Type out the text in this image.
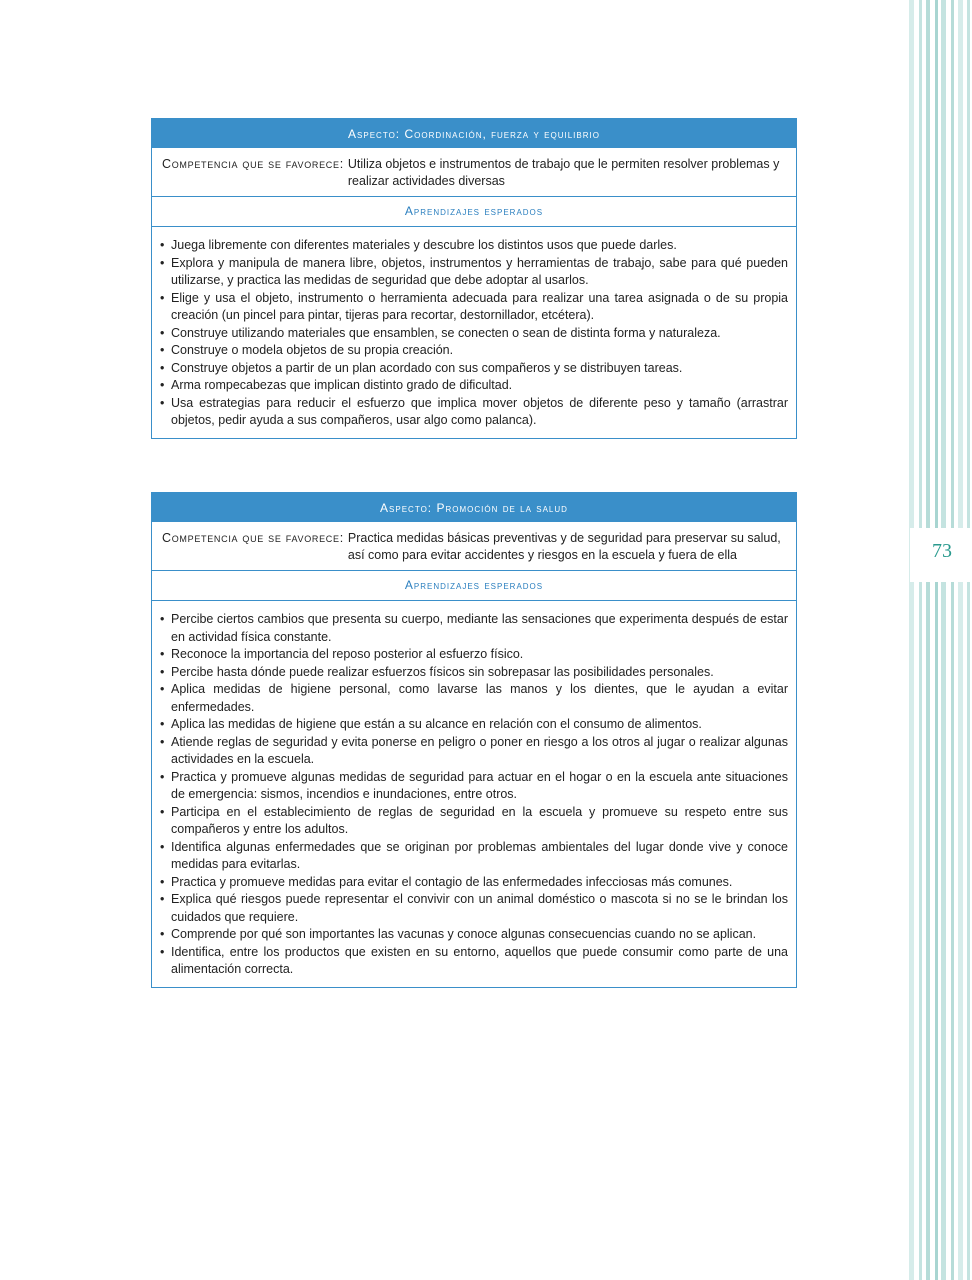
73
Aspecto: Coordinación, fuerza y equilibrio
Competencia que se favorece: Utiliza objetos e instrumentos de trabajo que le permiten resolver problemas y realizar actividades diversas
Aprendizajes esperados
• Juega libremente con diferentes materiales y descubre los distintos usos que puede darles.
• Explora y manipula de manera libre, objetos, instrumentos y herramientas de trabajo, sabe para qué pueden utilizarse, y practica las medidas de seguridad que debe adoptar al usarlos.
• Elige y usa el objeto, instrumento o herramienta adecuada para realizar una tarea asignada o de su propia creación (un pincel para pintar, tijeras para recortar, destornillador, etcétera).
• Construye utilizando materiales que ensamblen, se conecten o sean de distinta forma y naturaleza.
• Construye o modela objetos de su propia creación.
• Construye objetos a partir de un plan acordado con sus compañeros y se distribuyen tareas.
• Arma rompecabezas que implican distinto grado de dificultad.
• Usa estrategias para reducir el esfuerzo que implica mover objetos de diferente peso y tamaño (arrastrar objetos, pedir ayuda a sus compañeros, usar algo como palanca).
Aspecto: Promoción de la salud
Competencia que se favorece: Practica medidas básicas preventivas y de seguridad para preservar su salud, así como para evitar accidentes y riesgos en la escuela y fuera de ella
Aprendizajes esperados
• Percibe ciertos cambios que presenta su cuerpo, mediante las sensaciones que experimenta después de estar en actividad física constante.
• Reconoce la importancia del reposo posterior al esfuerzo físico.
• Percibe hasta dónde puede realizar esfuerzos físicos sin sobrepasar las posibilidades personales.
• Aplica medidas de higiene personal, como lavarse las manos y los dientes, que le ayudan a evitar enfermedades.
• Aplica las medidas de higiene que están a su alcance en relación con el consumo de alimentos.
• Atiende reglas de seguridad y evita ponerse en peligro o poner en riesgo a los otros al jugar o realizar algunas actividades en la escuela.
• Practica y promueve algunas medidas de seguridad para actuar en el hogar o en la escuela ante situaciones de emergencia: sismos, incendios e inundaciones, entre otros.
• Participa en el establecimiento de reglas de seguridad en la escuela y promueve su respeto entre sus compañeros y entre los adultos.
• Identifica algunas enfermedades que se originan por problemas ambientales del lugar donde vive y conoce medidas para evitarlas.
• Practica y promueve medidas para evitar el contagio de las enfermedades infecciosas más comunes.
• Explica qué riesgos puede representar el convivir con un animal doméstico o mascota si no se le brindan los cuidados que requiere.
• Comprende por qué son importantes las vacunas y conoce algunas consecuencias cuando no se aplican.
• Identifica, entre los productos que existen en su entorno, aquellos que puede consumir como parte de una alimentación correcta.
